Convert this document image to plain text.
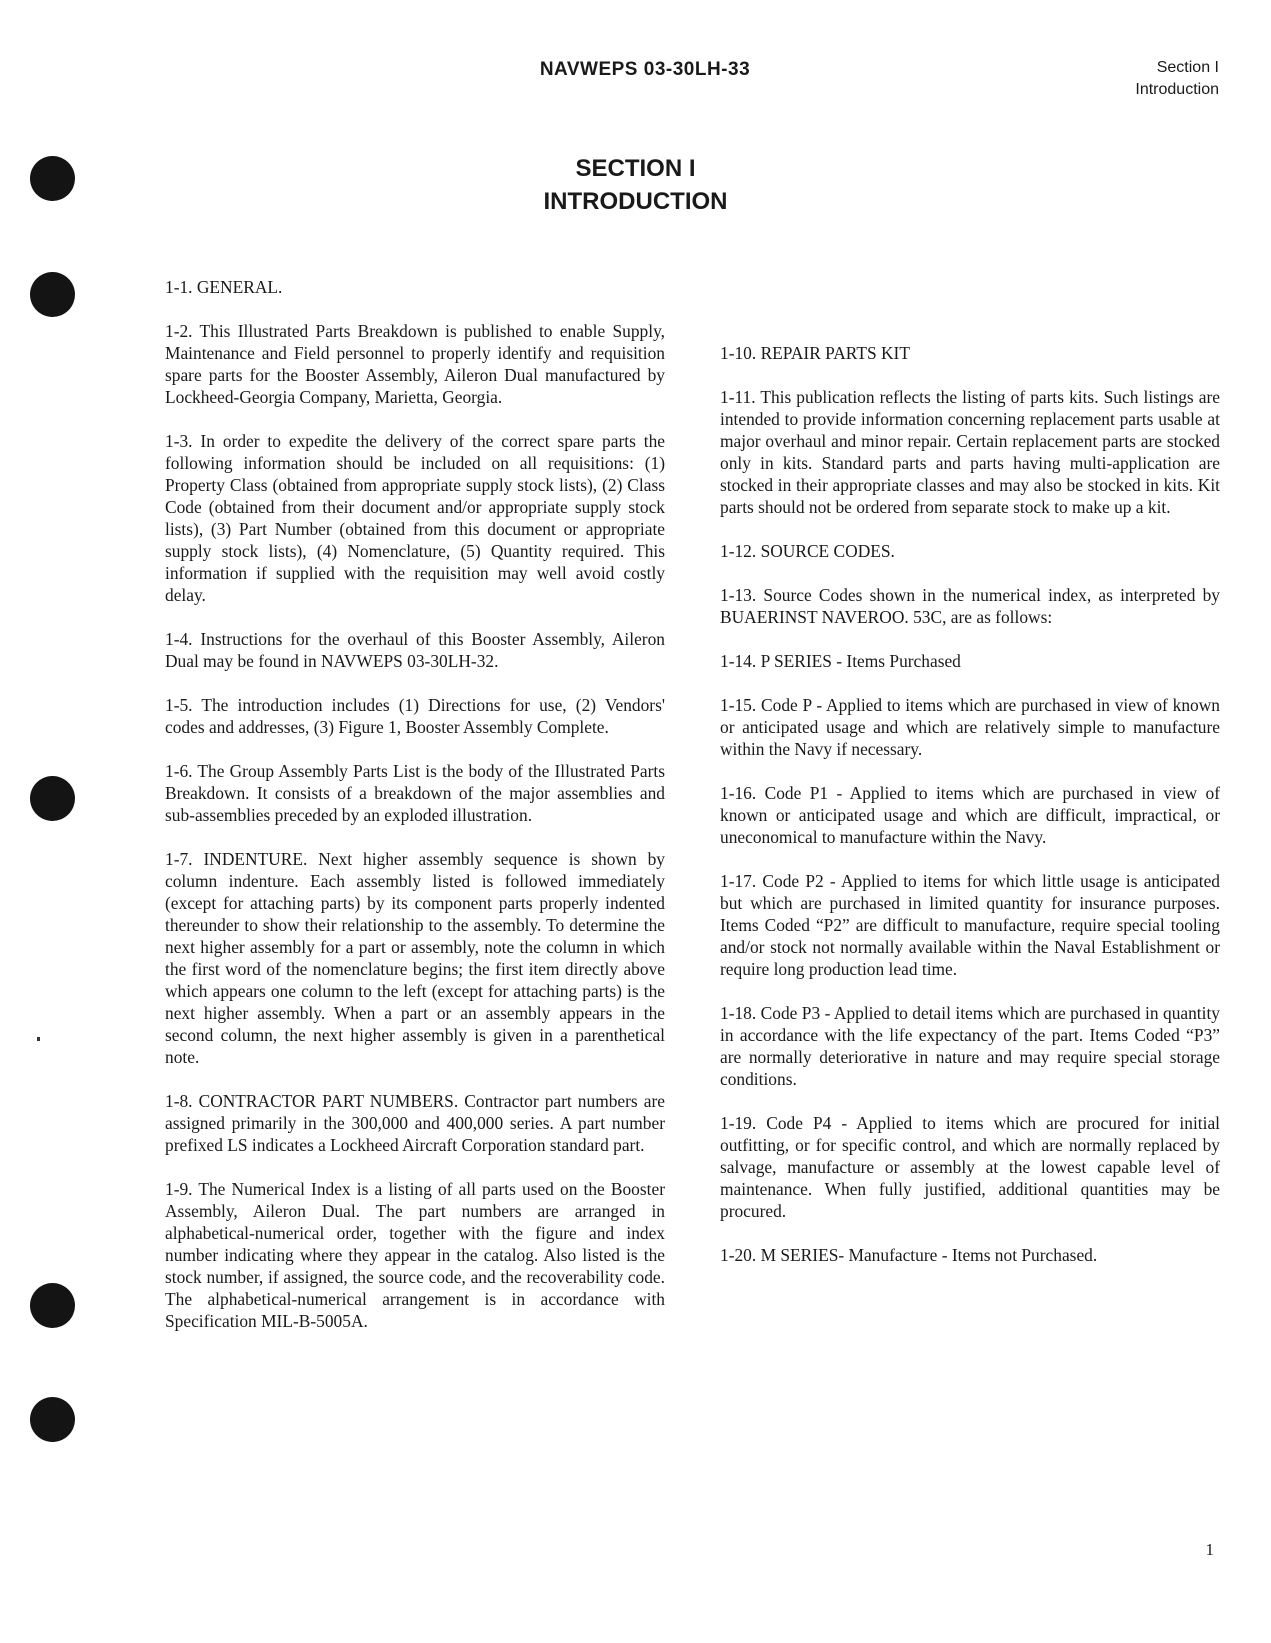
NAVWEPS 03-30LH-33	Section I
Introduction
SECTION I
INTRODUCTION

1-1. GENERAL.

1-2. This Illustrated Parts Breakdown is published to enable Supply, Maintenance and Field personnel to properly identify and requisition spare parts for the Booster Assembly, Aileron Dual manufactured by Lockheed-Georgia Company, Marietta, Georgia.

1-3. In order to expedite the delivery of the correct spare parts the following information should be included on all requisitions: (1) Property Class (obtained from appropriate supply stock lists), (2) Class Code (obtained from their document and/or appropriate supply stock lists), (3) Part Number (obtained from this document or appropriate supply stock lists), (4) Nomenclature, (5) Quantity required. This information if supplied with the requisition may well avoid costly delay.

1-4. Instructions for the overhaul of this Booster Assembly, Aileron Dual may be found in NAVWEPS 03-30LH-32.

1-5. The introduction includes (1) Directions for use, (2) Vendors' codes and addresses, (3) Figure 1, Booster Assembly Complete.

1-6. The Group Assembly Parts List is the body of the Illustrated Parts Breakdown. It consists of a breakdown of the major assemblies and sub-assemblies preceded by an exploded illustration.

1-7. INDENTURE. Next higher assembly sequence is shown by column indenture. Each assembly listed is followed immediately (except for attaching parts) by its component parts properly indented thereunder to show their relationship to the assembly. To determine the next higher assembly for a part or assembly, note the column in which the first word of the nomenclature begins; the first item directly above which appears one column to the left (except for attaching parts) is the next higher assembly. When a part or an assembly appears in the second column, the next higher assembly is given in a parenthetical note.

1-8. CONTRACTOR PART NUMBERS. Contractor part numbers are assigned primarily in the 300,000 and 400,000 series. A part number prefixed LS indicates a Lockheed Aircraft Corporation standard part.

1-9. The Numerical Index is a listing of all parts used on the Booster Assembly, Aileron Dual. The part numbers are arranged in alphabetical-numerical order, together with the figure and index number indicating where they appear in the catalog. Also listed is the stock number, if assigned, the source code, and the recoverability code. The alphabetical-numerical arrangement is in accordance with Specification MIL-B-5005A.

1-10. REPAIR PARTS KIT

1-11. This publication reflects the listing of parts kits. Such listings are intended to provide information concerning replacement parts usable at major overhaul and minor repair. Certain replacement parts are stocked only in kits. Standard parts and parts having multi-application are stocked in their appropriate classes and may also be stocked in kits. Kit parts should not be ordered from separate stock to make up a kit.

1-12. SOURCE CODES.

1-13. Source Codes shown in the numerical index, as interpreted by BUAERINST NAVEROO. 53C, are as follows:

1-14. P SERIES - Items Purchased

1-15. Code P - Applied to items which are purchased in view of known or anticipated usage and which are relatively simple to manufacture within the Navy if necessary.

1-16. Code P1 - Applied to items which are purchased in view of known or anticipated usage and which are difficult, impractical, or uneconomical to manufacture within the Navy.

1-17. Code P2 - Applied to items for which little usage is anticipated but which are purchased in limited quantity for insurance purposes. Items Coded “P2” are difficult to manufacture, require special tooling and/or stock not normally available within the Naval Establishment or require long production lead time.

1-18. Code P3 - Applied to detail items which are purchased in quantity in accordance with the life expectancy of the part. Items Coded “P3” are normally deteriorative in nature and may require special storage conditions.

1-19. Code P4 - Applied to items which are procured for initial outfitting, or for specific control, and which are normally replaced by salvage, manufacture or assembly at the lowest capable level of maintenance. When fully justified, additional quantities may be procured.

1-20. M SERIES- Manufacture - Items not Purchased.

1
